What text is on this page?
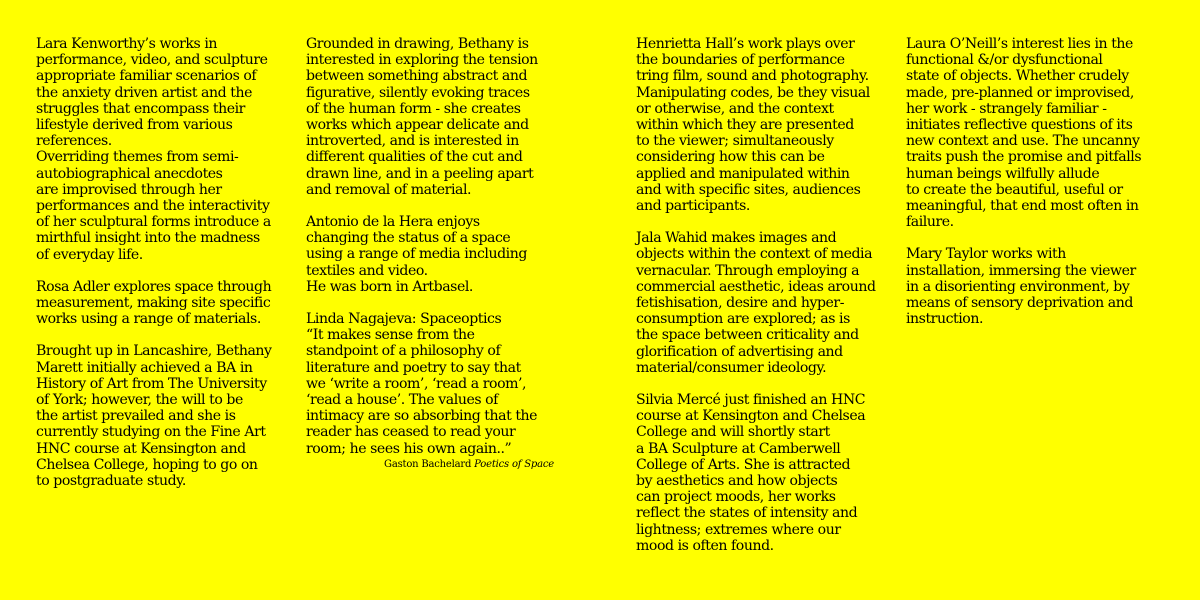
Lara Kenworthy’s works in
performance, video, and sculpture
appropriate familiar scenarios of
the anxiety driven artist and the
struggles that encompass their
lifestyle derived from various
references.
Overriding themes from semi-
autobiographical anecdotes
are improvised through her
performances and the interactivity
of her sculptural forms introduce a
mirthful insight into the madness
of everyday life.

Rosa Adler explores space through
measurement, making site specific
works using a range of materials.

Brought up in Lancashire, Bethany
Marett initially achieved a BA in
History of Art from The University
of York; however, the will to be
the artist prevailed and she is
currently studying on the Fine Art
HNC course at Kensington and
Chelsea College, hoping to go on
to postgraduate study.

Grounded in drawing, Bethany is
interested in exploring the tension
between something abstract and
figurative, silently evoking traces
of the human form - she creates
works which appear delicate and
introverted, and is interested in
different qualities of the cut and
drawn line, and in a peeling apart
and removal of material.

Antonio de la Hera enjoys
changing the status of a space
using a range of media including
textiles and video.
He was born in Artbasel.

Linda Nagajeva: Spaceoptics
“It makes sense from the
standpoint of a philosophy of
literature and poetry to say that
we ‘write a room’, ‘read a room’,
‘read a house’. The values of
intimacy are so absorbing that the
reader has ceased to read your
room; he sees his own again..”

Gaston Bachelard Poetics of Space

Henrietta Hall’s work plays over
the boundaries of performance
tring film, sound and photography.
Manipulating codes, be they visual
or otherwise, and the context
within which they are presented
to the viewer; simultaneously
considering how this can be
applied and manipulated within
and with specific sites, audiences
and participants.

Jala Wahid makes images and
objects within the context of media
vernacular. Through employing a
commercial aesthetic, ideas around
fetishisation, desire and hyper-
consumption are explored; as is
the space between criticality and
glorification of advertising and
material/consumer ideology.

Silvia Mercé just finished an HNC
course at Kensington and Chelsea
College and will shortly start
a BA Sculpture at Camberwell
College of Arts. She is attracted
by aesthetics and how objects
can project moods, her works
reflect the states of intensity and
lightness; extremes where our
mood is often found.

Laura O’Neill’s interest lies in the
functional &/or dysfunctional
state of objects. Whether crudely
made, pre-planned or improvised,
her work - strangely familiar -
initiates reflective questions of its
new context and use. The uncanny
traits push the promise and pitfalls
human beings wilfully allude
to create the beautiful, useful or
meaningful, that end most often in
failure.

Mary Taylor works with
installation, immersing the viewer
in a disorienting environment, by
means of sensory deprivation and
instruction.
